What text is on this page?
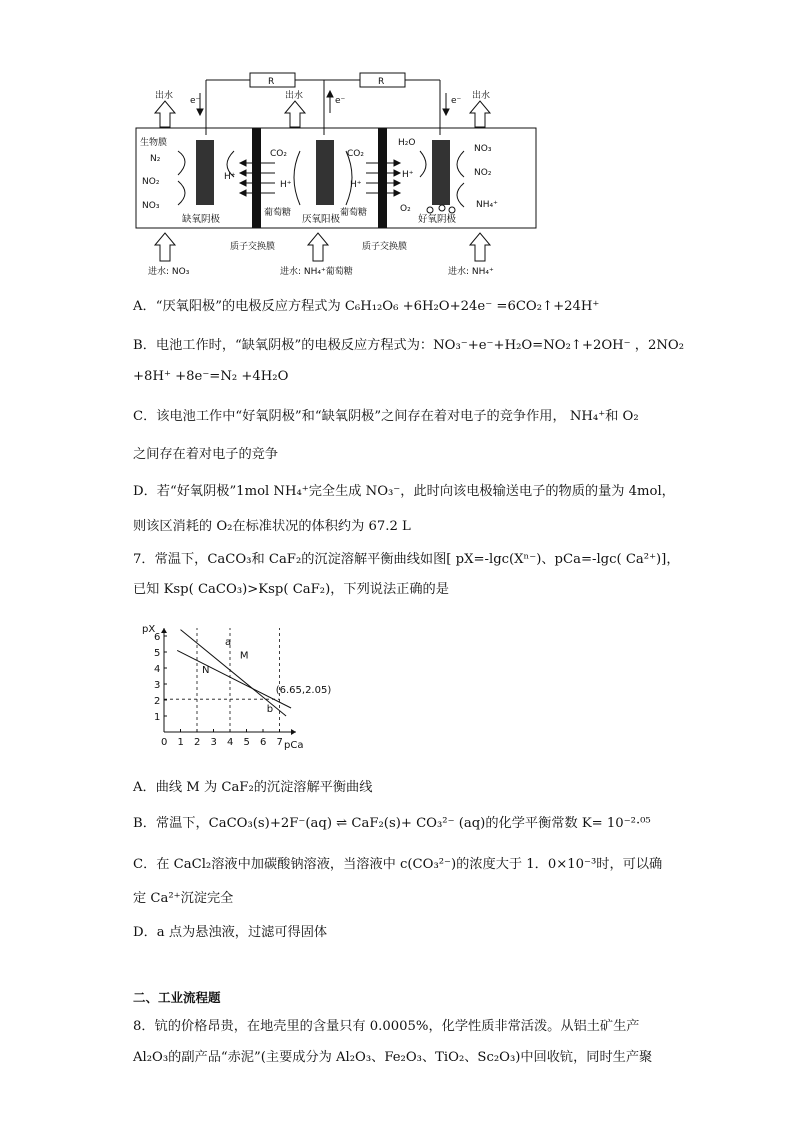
R	R
e⁻	e⁻	e⁻
出水	出水	出水
生物膜
N₂
NO₂
NO₃
H⁺
CO₂	CO₂
H⁺	H⁺
葡萄糖	葡萄糖
H₂O
H⁺
O₂
NO₃
NO₂
NH₄⁺
缺氧阴极	厌氧阳极	好氧阴极
质子交换膜	质子交换膜
进水: NO₃	进水: NH₄⁺葡萄糖	进水: NH₄⁺
A．“厌氧阳极”的电极反应方程式为 C₆H₁₂O₆ +6H₂O+24e⁻ =6CO₂↑+24H⁺
B．电池工作时，“缺氧阴极”的电极反应方程式为：NO₃⁻+e⁻+H₂O=NO₂↑+2OH⁻ ，2NO₂
+8H⁺ +8e⁻=N₂ +4H₂O
C．该电池工作中“好氧阴极”和“缺氧阴极”之间存在着对电子的竞争作用， NH₄⁺和 O₂
之间存在着对电子的竞争
D．若“好氧阴极”1mol NH₄⁺完全生成 NO₃⁻，此时向该电极输送电子的物质的量为 4mol，
则该区消耗的 O₂在标准状况的体积约为 67.2 L
7．常温下，CaCO₃和 CaF₂的沉淀溶解平衡曲线如图[ pX=-lgc(Xⁿ⁻)、pCa=-lgc( Ca²⁺)]，
已知 Ksp( CaCO₃)>Ksp( CaF₂)，下列说法正确的是
0 1 2 3 4 5 6 7
1
2
3
4
5
6
pX
pCa
M
N
a
b
(6.65,2.05)
A．曲线 M 为 CaF₂的沉淀溶解平衡曲线
B．常温下，CaCO₃(s)+2F⁻(aq) ⇌ CaF₂(s)+ CO₃²⁻ (aq)的化学平衡常数 K= 10⁻²·⁰⁵
C．在 CaCl₂溶液中加碳酸钠溶液，当溶液中 c(CO₃²⁻)的浓度大于 1．0×10⁻³时，可以确
定 Ca²⁺沉淀完全
D．a 点为悬浊液，过滤可得固体
二、工业流程题
8．钪的价格昂贵，在地壳里的含量只有 0.0005%，化学性质非常活泼。从铝土矿生产
Al₂O₃的副产品“赤泥”(主要成分为 Al₂O₃、Fe₂O₃、TiO₂、Sc₂O₃)中回收钪，同时生产聚
